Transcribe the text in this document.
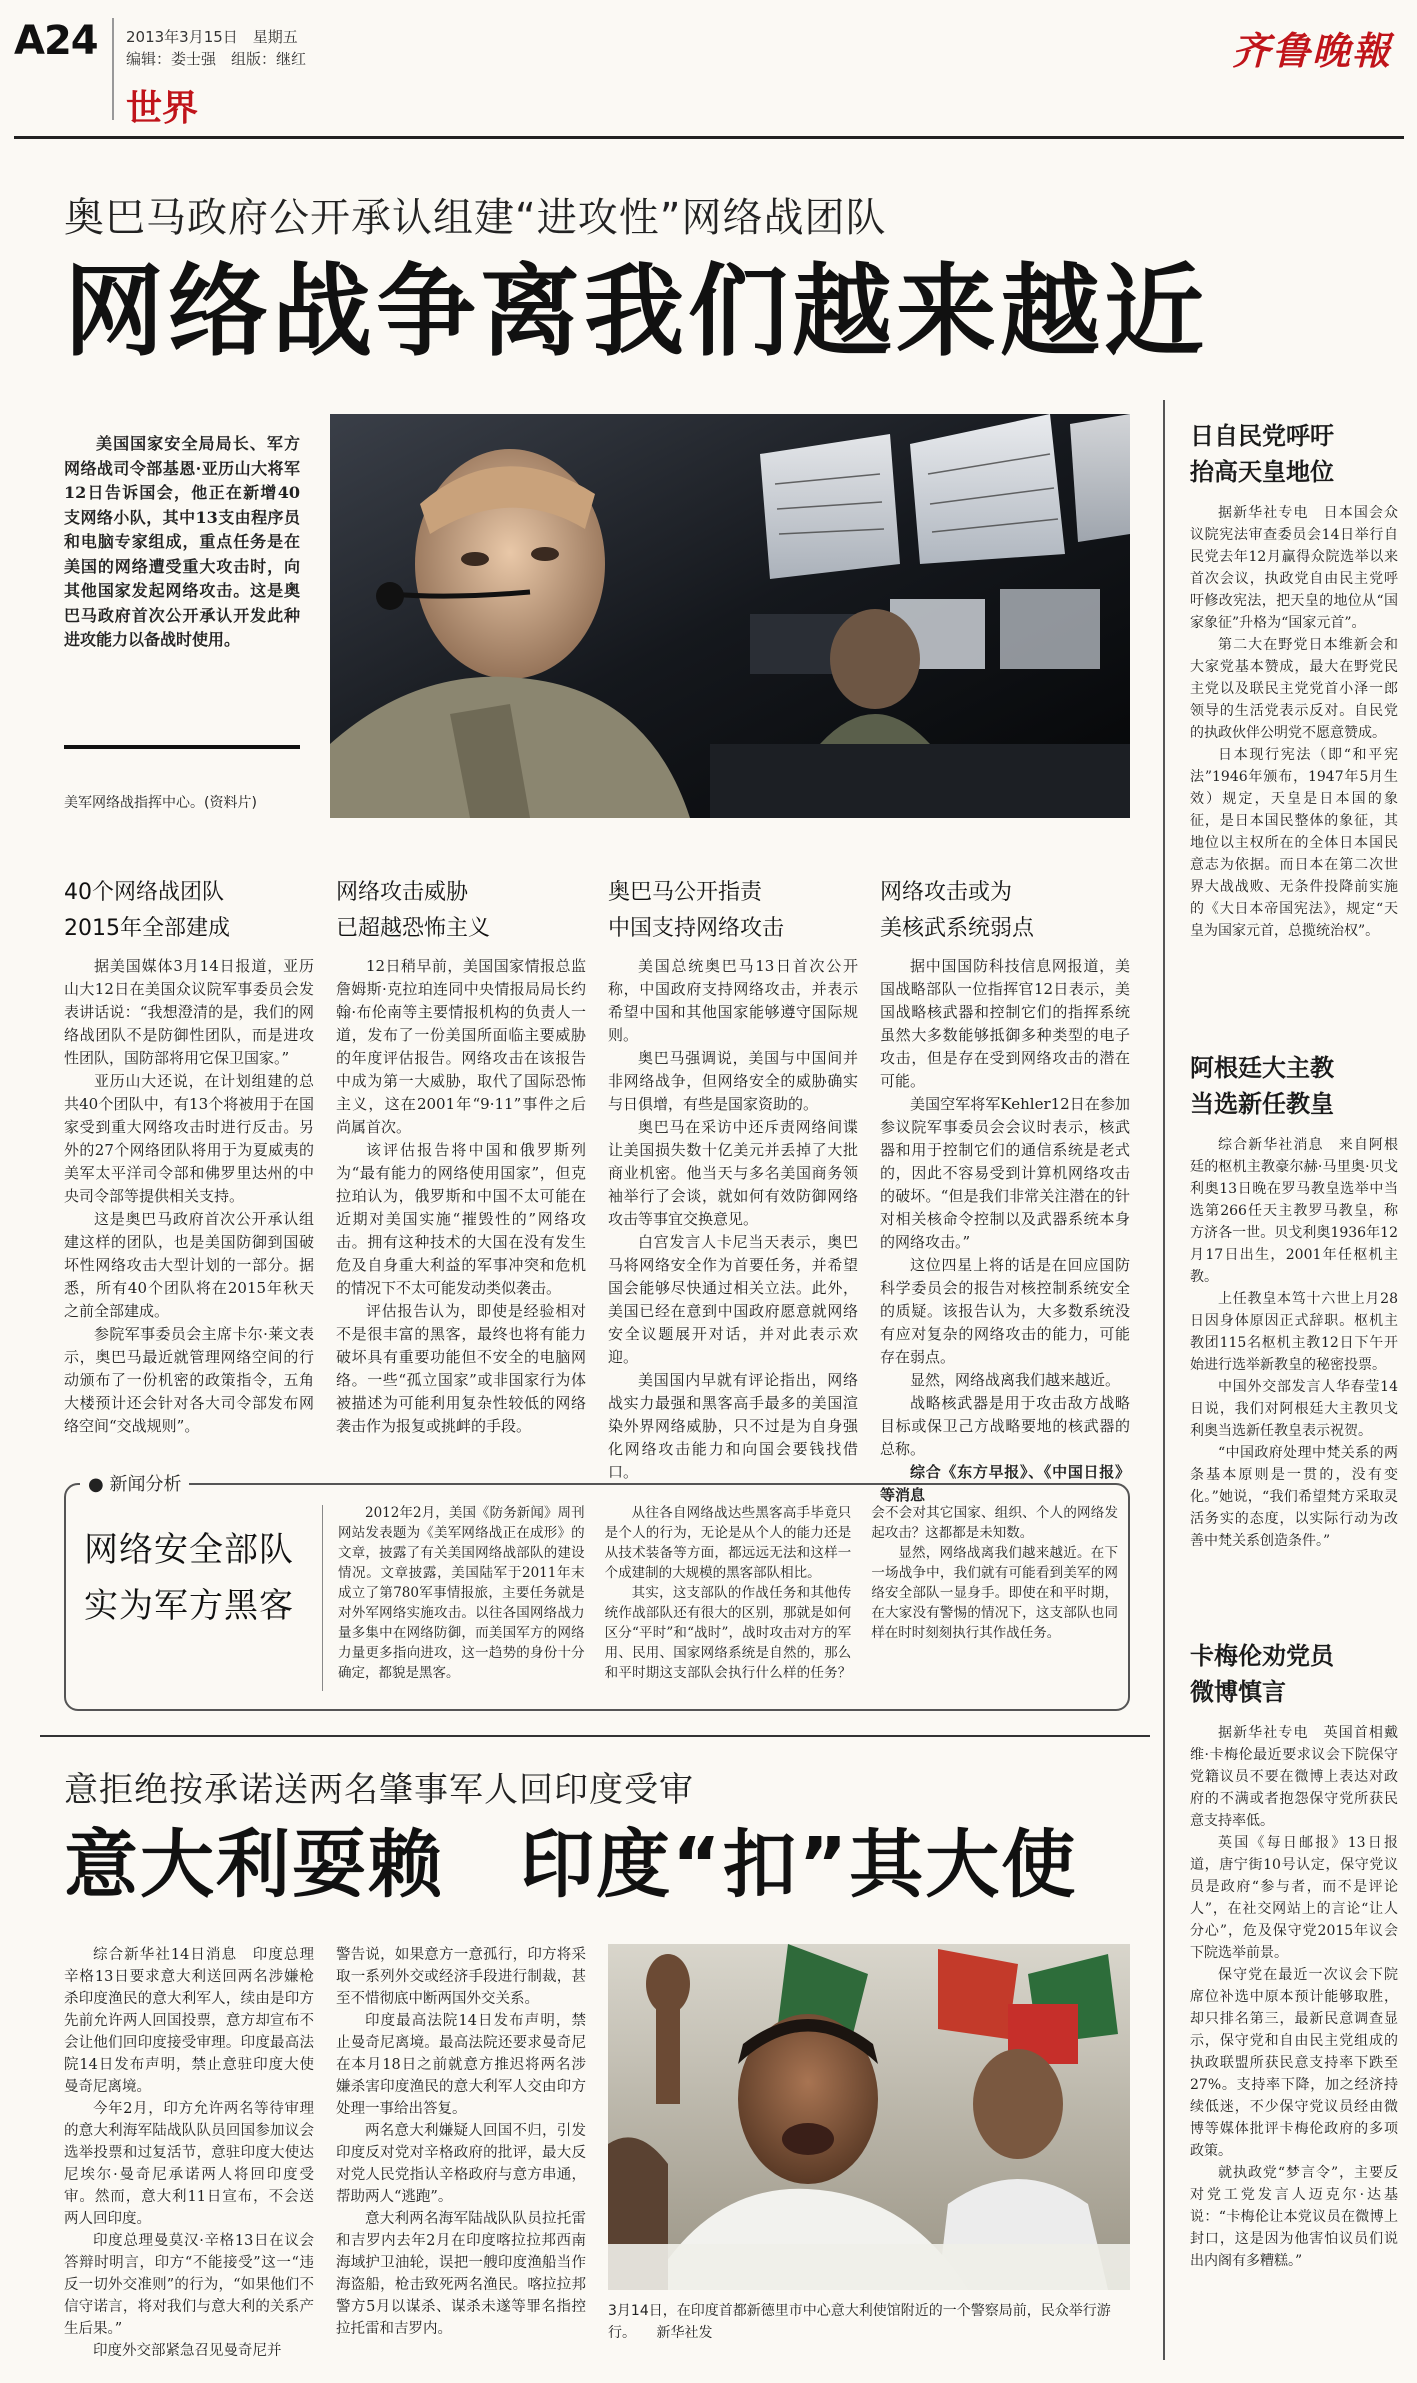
A24 2013年3月15日　星期五
编辑：娄士强　组版：继红
世界
齐鲁晚報
奥巴马政府公开承认组建“进攻性”网络战团队
网络战争离我们越来越近

美国国家安全局局长、军方网络战司令部基恩·亚历山大将军12日告诉国会，他正在新增40支网络小队，其中13支由程序员和电脑专家组成，重点任务是在美国的网络遭受重大攻击时，向其他国家发起网络攻击。这是奥巴马政府首次公开承认开发此种进攻能力以备战时使用。

美军网络战指挥中心。(资料片)
40个网络战团队
2015年全部建成

据美国媒体3月14日报道，亚历山大12日在美国众议院军事委员会发表讲话说：“我想澄清的是，我们的网络战团队不是防御性团队，而是进攻性团队，国防部将用它保卫国家。”

亚历山大还说，在计划组建的总共40个团队中，有13个将被用于在国家受到重大网络攻击时进行反击。另外的27个网络团队将用于为夏威夷的美军太平洋司令部和佛罗里达州的中央司令部等提供相关支持。

这是奥巴马政府首次公开承认组建这样的团队，也是美国防御到国破坏性网络攻击大型计划的一部分。据悉，所有40个团队将在2015年秋天之前全部建成。

参院军事委员会主席卡尔·莱文表示，奥巴马最近就管理网络空间的行动颁布了一份机密的政策指令，五角大楼预计还会针对各大司令部发布网络空间“交战规则”。

网络攻击威胁
已超越恐怖主义

12日稍早前，美国国家情报总监詹姆斯·克拉珀连同中央情报局局长约翰·布伦南等主要情报机构的负责人一道，发布了一份美国所面临主要威胁的年度评估报告。网络攻击在该报告中成为第一大威胁，取代了国际恐怖主义，这在2001年“9·11”事件之后尚属首次。

该评估报告将中国和俄罗斯列为“最有能力的网络使用国家”，但克拉珀认为，俄罗斯和中国不太可能在近期对美国实施“摧毁性的”网络攻击。拥有这种技术的大国在没有发生危及自身重大利益的军事冲突和危机的情况下不太可能发动类似袭击。

评估报告认为，即使是经验相对不是很丰富的黑客，最终也将有能力破坏具有重要功能但不安全的电脑网络。一些“孤立国家”或非国家行为体被描述为可能利用复杂性较低的网络袭击作为报复或挑衅的手段。

奥巴马公开指责
中国支持网络攻击

美国总统奥巴马13日首次公开称，中国政府支持网络攻击，并表示希望中国和其他国家能够遵守国际规则。

奥巴马强调说，美国与中国间并非网络战争，但网络安全的威胁确实与日俱增，有些是国家资助的。

奥巴马在采访中还斥责网络间谍让美国损失数十亿美元并丢掉了大批商业机密。他当天与多名美国商务领袖举行了会谈，就如何有效防御网络攻击等事宜交换意见。

白宫发言人卡尼当天表示，奥巴马将网络安全作为首要任务，并希望国会能够尽快通过相关立法。此外，美国已经在意到中国政府愿意就网络安全议题展开对话，并对此表示欢迎。

美国国内早就有评论指出，网络战实力最强和黑客高手最多的美国渲染外界网络威胁，只不过是为自身强化网络攻击能力和向国会要钱找借口。

网络攻击或为
美核武系统弱点

据中国国防科技信息网报道，美国战略部队一位指挥官12日表示，美国战略核武器和控制它们的指挥系统虽然大多数能够抵御多种类型的电子攻击，但是存在受到网络攻击的潜在可能。

美国空军将军Kehler12日在参加参议院军事委员会会议时表示，核武器和用于控制它们的通信系统是老式的，因此不容易受到计算机网络攻击的破坏。“但是我们非常关注潜在的针对相关核命令控制以及武器系统本身的网络攻击。”

这位四星上将的话是在回应国防科学委员会的报告对核控制系统安全的质疑。该报告认为，大多数系统没有应对复杂的网络攻击的能力，可能存在弱点。

显然，网络战离我们越来越近。

战略核武器是用于攻击敌方战略目标或保卫己方战略要地的核武器的总称。

综合《东方早报》、《中国日报》等消息

● 新闻分析
网络安全部队
实为军方黑客

2012年2月，美国《防务新闻》周刊网站发表题为《美军网络战正在成形》的文章，披露了有关美国网络战部队的建设情况。文章披露，美国陆军于2011年末成立了第780军事情报旅，主要任务就是对外军网络实施攻击。以往各国网络战力量多集中在网络防御，而美国军方的网络力量更多指向进攻，这一趋势的身份十分确定，都貌是黑客。

从往各自网络战达些黑客高手毕竟只是个人的行为，无论是从个人的能力还是从技术装备等方面，都远远无法和这样一个成建制的大规模的黑客部队相比。

其实，这支部队的作战任务和其他传统作战部队还有很大的区别，那就是如何区分“平时”和“战时”，战时攻击对方的军用、民用、国家网络系统是自然的，那么和平时期这支部队会执行什么样的任务？会不会对其它国家、组织、个人的网络发起攻击？这都都是未知数。

显然，网络战离我们越来越近。在下一场战争中，我们就有可能看到美军的网络安全部队一显身手。即使在和平时期，在大家没有警惕的情况下，这支部队也同样在时时刻刻执行其作战任务。

意拒绝按承诺送两名肇事军人回印度受审
意大利耍赖　印度“扣”其大使

综合新华社14日消息　印度总理辛格13日要求意大利送回两名涉嫌枪杀印度渔民的意大利军人，续由是印方先前允许两人回国投票，意方却宣布不会让他们回印度接受审理。印度最高法院14日发布声明，禁止意驻印度大使曼奇尼离境。

今年2月，印方允许两名等待审理的意大利海军陆战队队员回国参加议会选举投票和过复活节，意驻印度大使达尼埃尔·曼奇尼承诺两人将回印度受审。然而，意大利11日宣布，不会送两人回印度。

印度总理曼莫汉·辛格13日在议会答辩时明言，印方“不能接受”这一“违反一切外交准则”的行为，“如果他们不信守诺言，将对我们与意大利的关系产生后果。”

印度外交部紧急召见曼奇尼并

警告说，如果意方一意孤行，印方将采取一系列外交或经济手段进行制裁，甚至不惜彻底中断两国外交关系。

印度最高法院14日发布声明，禁止曼奇尼离境。最高法院还要求曼奇尼在本月18日之前就意方推迟将两名涉嫌杀害印度渔民的意大利军人交由印方处理一事给出答复。

两名意大利嫌疑人回国不归，引发印度反对党对辛格政府的批评，最大反对党人民党指认辛格政府与意方串通，帮助两人“逃跑”。

意大利两名海军陆战队队员拉托雷和吉罗内去年2月在印度喀拉拉邦西南海域护卫油轮，误把一艘印度渔船当作海盗船，枪击致死两名渔民。喀拉拉邦警方5月以谋杀、谋杀未遂等罪名指控拉托雷和吉罗内。

3月14日，在印度首都新德里市中心意大利使馆附近的一个警察局前，民众举行游行。 新华社发
日自民党呼吁
抬高天皇地位

据新华社专电　日本国会众议院宪法审查委员会14日举行自民党去年12月赢得众院选举以来首次会议，执政党自由民主党呼吁修改宪法，把天皇的地位从“国家象征”升格为“国家元首”。

第二大在野党日本维新会和大家党基本赞成，最大在野党民主党以及联民主党党首小泽一郎领导的生活党表示反对。自民党的执政伙伴公明党不愿意赞成。

日本现行宪法（即“和平宪法”1946年颁布，1947年5月生效）规定，天皇是日本国的象征，是日本国民整体的象征，其地位以主权所在的全体日本国民意志为依据。而日本在第二次世界大战战败、无条件投降前实施的《大日本帝国宪法》，规定“天皇为国家元首，总揽统治权”。

阿根廷大主教
当选新任教皇

综合新华社消息　来自阿根廷的枢机主教豪尔赫·马里奥·贝戈利奥13日晚在罗马教皇选举中当选第266任天主教罗马教皇，称方济各一世。贝戈利奥1936年12月17日出生，2001年任枢机主教。

上任教皇本笃十六世上月28日因身体原因正式辞职。枢机主教团115名枢机主教12日下午开始进行选举新教皇的秘密投票。

中国外交部发言人华春莹14日说，我们对阿根廷大主教贝戈利奥当选新任教皇表示祝贺。

“中国政府处理中梵关系的两条基本原则是一贯的，没有变化。”她说，“我们希望梵方采取灵活务实的态度，以实际行动为改善中梵关系创造条件。”

卡梅伦劝党员
微博慎言

据新华社专电　英国首相戴维·卡梅伦最近要求议会下院保守党籍议员不要在微博上表达对政府的不满或者抱怨保守党所获民意支持率低。

英国《每日邮报》13日报道，唐宁街10号认定，保守党议员是政府“参与者，而不是评论人”，在社交网站上的言论“让人分心”，危及保守党2015年议会下院选举前景。

保守党在最近一次议会下院席位补选中原本预计能够取胜，却只排名第三，最新民意调查显示，保守党和自由民主党组成的执政联盟所获民意支持率下跌至27%。支持率下降，加之经济持续低迷，不少保守党议员经由微博等媒体批评卡梅伦政府的多项政策。

就执政党“梦言令”，主要反对党工党发言人迈克尔·达基说：“卡梅伦让本党议员在微博上封口，这是因为他害怕议员们说出内阁有多糟糕。”
